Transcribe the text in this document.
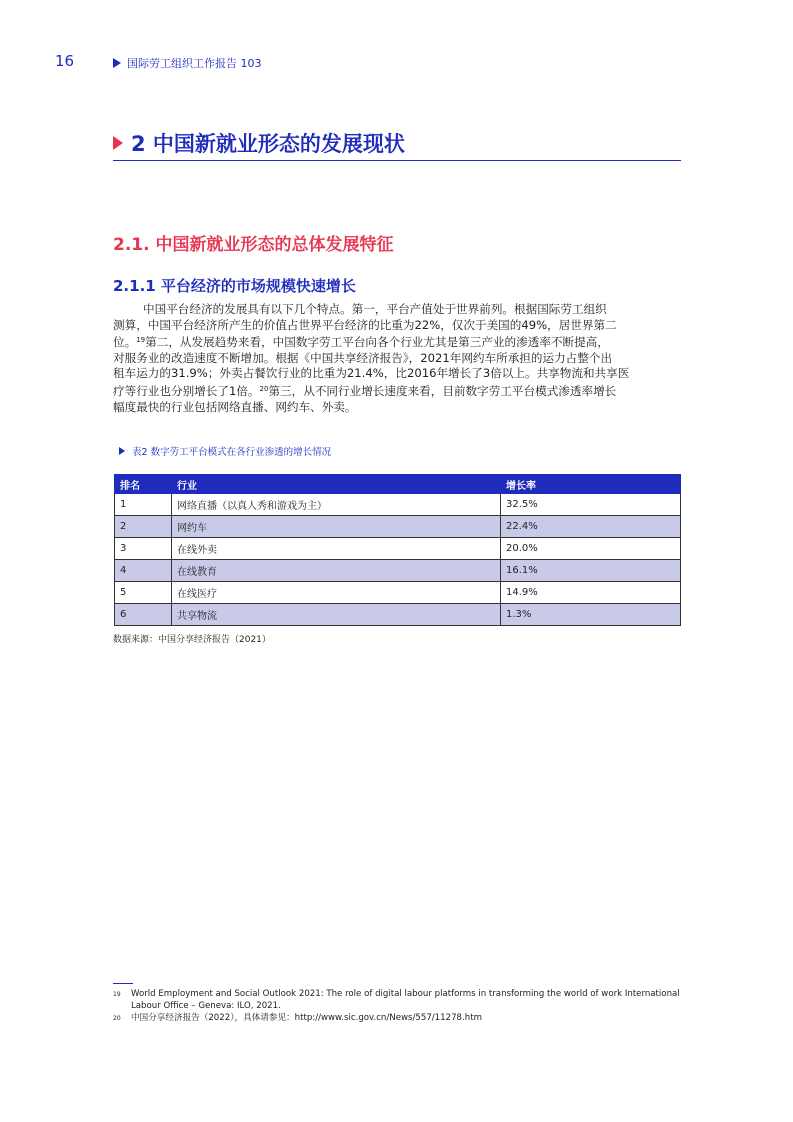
16	国际劳工组织工作报告 103
2 中国新就业形态的发展现状
2.1. 中国新就业形态的总体发展特征
2.1.1 平台经济的市场规模快速增长
中国平台经济的发展具有以下几个特点。第一，平台产值处于世界前列。根据国际劳工组织
测算，中国平台经济所产生的价值占世界平台经济的比重为22%，仅次于美国的49%，居世界第二
位。$^{19}$第二，从发展趋势来看，中国数字劳工平台向各个行业尤其是第三产业的渗透率不断提高，
对服务业的改造速度不断增加。根据《中国共享经济报告》，2021年网约车所承担的运力占整个出
租车运力的31.9%；外卖占餐饮行业的比重为21.4%，比2016年增长了3倍以上。共享物流和共享医
疗等行业也分别增长了1倍。$^{20}$第三，从不同行业增长速度来看，目前数字劳工平台模式渗透率增长
幅度最快的行业包括网络直播、网约车、外卖。
表2 数字劳工平台模式在各行业渗透的增长情况
排名	行业	增长率
1	网络直播（以真人秀和游戏为主）	32.5%
2	网约车	22.4%
3	在线外卖	20.0%
4	在线教育	16.1%
5	在线医疗	14.9%
6	共享物流	1.3%
数据来源：中国分享经济报告（2021）
19	World Employment and Social Outlook 2021: The role of digital labour platforms in transforming the world of work International Labour Office – Geneva: ILO, 2021.
20	中国分享经济报告（2022），具体请参见：http://www.sic.gov.cn/News/557/11278.htm
